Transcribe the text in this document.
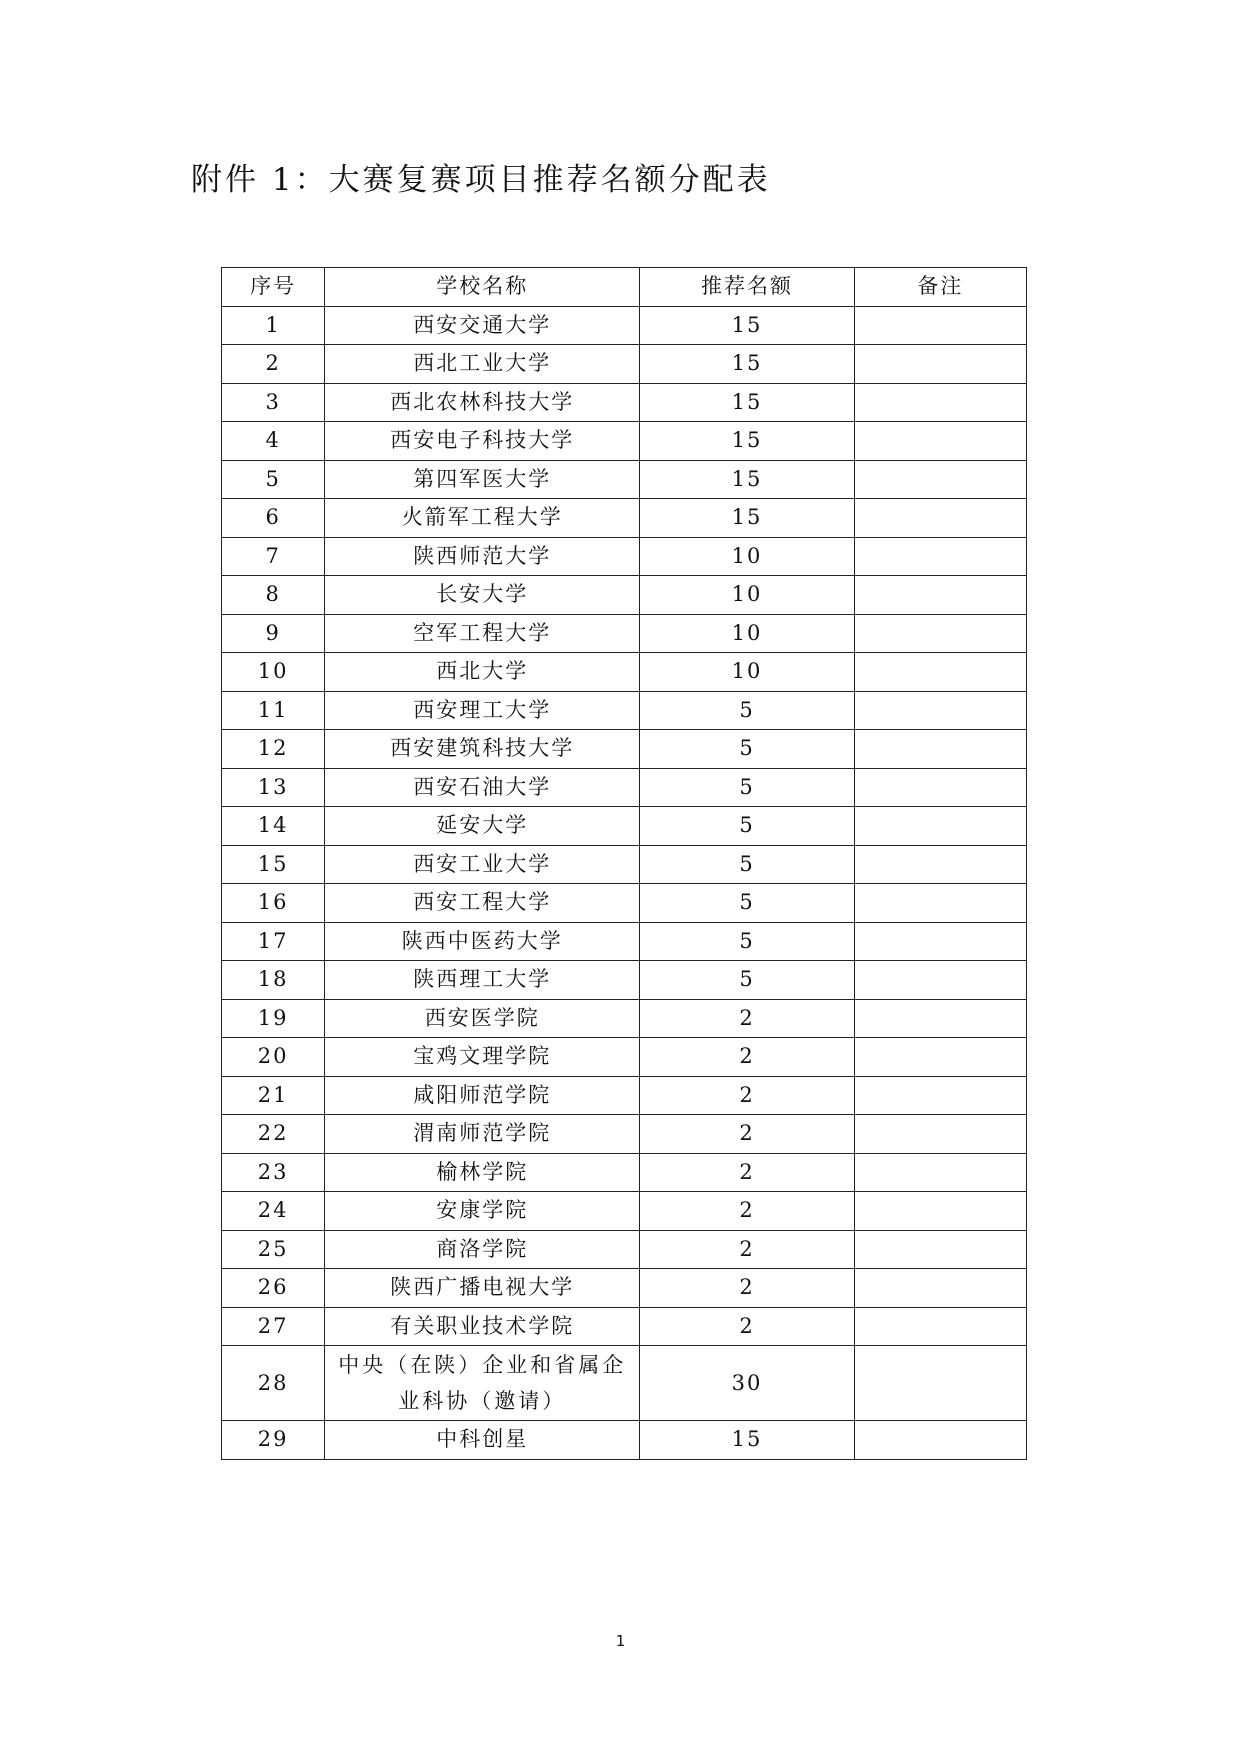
附件 1：大赛复赛项目推荐名额分配表
序号	学校名称	推荐名额	备注
1	西安交通大学	15	
2	西北工业大学	15	
3	西北农林科技大学	15	
4	西安电子科技大学	15	
5	第四军医大学	15	
6	火箭军工程大学	15	
7	陕西师范大学	10	
8	长安大学	10	
9	空军工程大学	10	
10	西北大学	10	
11	西安理工大学	5	
12	西安建筑科技大学	5	
13	西安石油大学	5	
14	延安大学	5	
15	西安工业大学	5	
16	西安工程大学	5	
17	陕西中医药大学	5	
18	陕西理工大学	5	
19	西安医学院	2	
20	宝鸡文理学院	2	
21	咸阳师范学院	2	
22	渭南师范学院	2	
23	榆林学院	2	
24	安康学院	2	
25	商洛学院	2	
26	陕西广播电视大学	2	
27	有关职业技术学院	2	
28	中央（在陕）企业和省属企业科协（邀请）	30	
29	中科创星	15	
1
